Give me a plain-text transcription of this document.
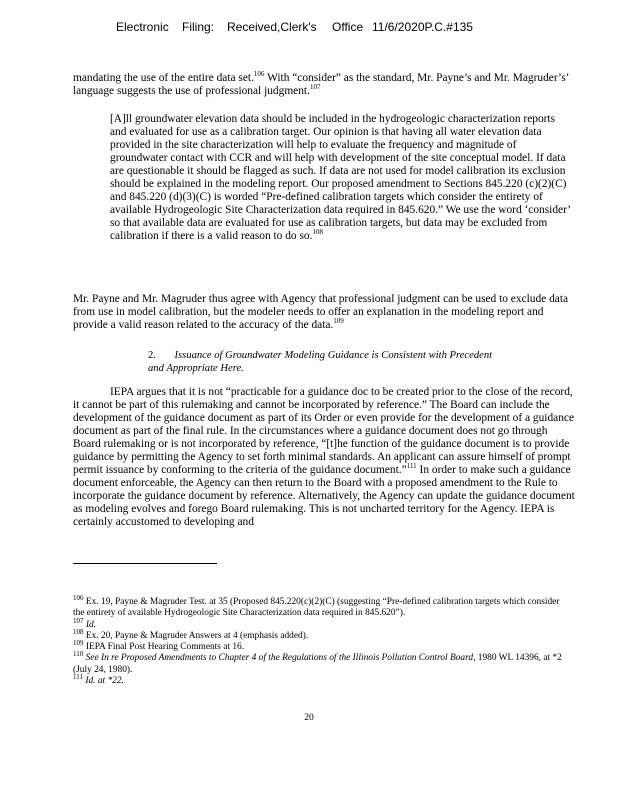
Electronic Filing: Received,Clerk's Office 11/6/2020P.C.#135

mandating the use of the entire data set.$^{106}$ With “consider” as the standard, Mr. Payne’s and Mr. Magruder’s’ language suggests the use of professional judgment.$^{107}$

[A]ll groundwater elevation data should be included in the hydrogeologic characterization reports and evaluated for use as a calibration target. Our opinion is that having all water elevation data provided in the site characterization will help to evaluate the frequency and magnitude of groundwater contact with CCR and will help with development of the site conceptual model. If data are questionable it should be flagged as such. If data are not used for model calibration its exclusion should be explained in the modeling report. Our proposed amendment to Sections 845.220 (c)(2)(C) and 845.220 (d)(3)(C) is worded “Pre-defined calibration targets which consider the entirety of available Hydrogeologic Site Characterization data required in 845.620.” We use the word ‘consider’ so that available data are evaluated for use as calibration targets, but data may be excluded from calibration if there is a valid reason to do so.$^{108}$

Mr. Payne and Mr. Magruder thus agree with Agency that professional judgment can be used to exclude data from use in model calibration, but the modeler needs to offer an explanation in the modeling report and provide a valid reason related to the accuracy of the data.$^{109}$

2. Issuance of Groundwater Modeling Guidance is Consistent with Precedent and Appropriate Here.

IEPA argues that it is not “practicable for a guidance doc to be created prior to the close of the record, it cannot be part of this rulemaking and cannot be incorporated by reference.” The Board can include the development of the guidance document as part of its Order or even provide for the development of a guidance document as part of the final rule. In the circumstances where a guidance document does not go through Board rulemaking or is not incorporated by reference, “[t]he function of the guidance document is to provide guidance by permitting the Agency to set forth minimal standards. An applicant can assure himself of prompt permit issuance by conforming to the criteria of the guidance document.”$^{111}$ In order to make such a guidance document enforceable, the Agency can then return to the Board with a proposed amendment to the Rule to incorporate the guidance document by reference. Alternatively, the Agency can update the guidance document as modeling evolves and forego Board rulemaking. This is not uncharted territory for the Agency. IEPA is certainly accustomed to developing and

$^{106}$ Ex. 19, Payne & Magruder Test. at 35 (Proposed 845.220(c)(2)(C) (suggesting “Pre-defined calibration targets which consider the entirety of available Hydrogeologic Site Characterization data required in 845.620”).
$^{107}$ Id.
$^{108}$ Ex. 20, Payne & Magruder Answers at 4 (emphasis added).
$^{109}$ IEPA Final Post Hearing Comments at 16.
$^{110}$ See In re Proposed Amendments to Chapter 4 of the Regulations of the Illinois Pollution Control Board, 1980 WL 14396, at *2 (July 24, 1980).
$^{111}$ Id. at *22.
20
